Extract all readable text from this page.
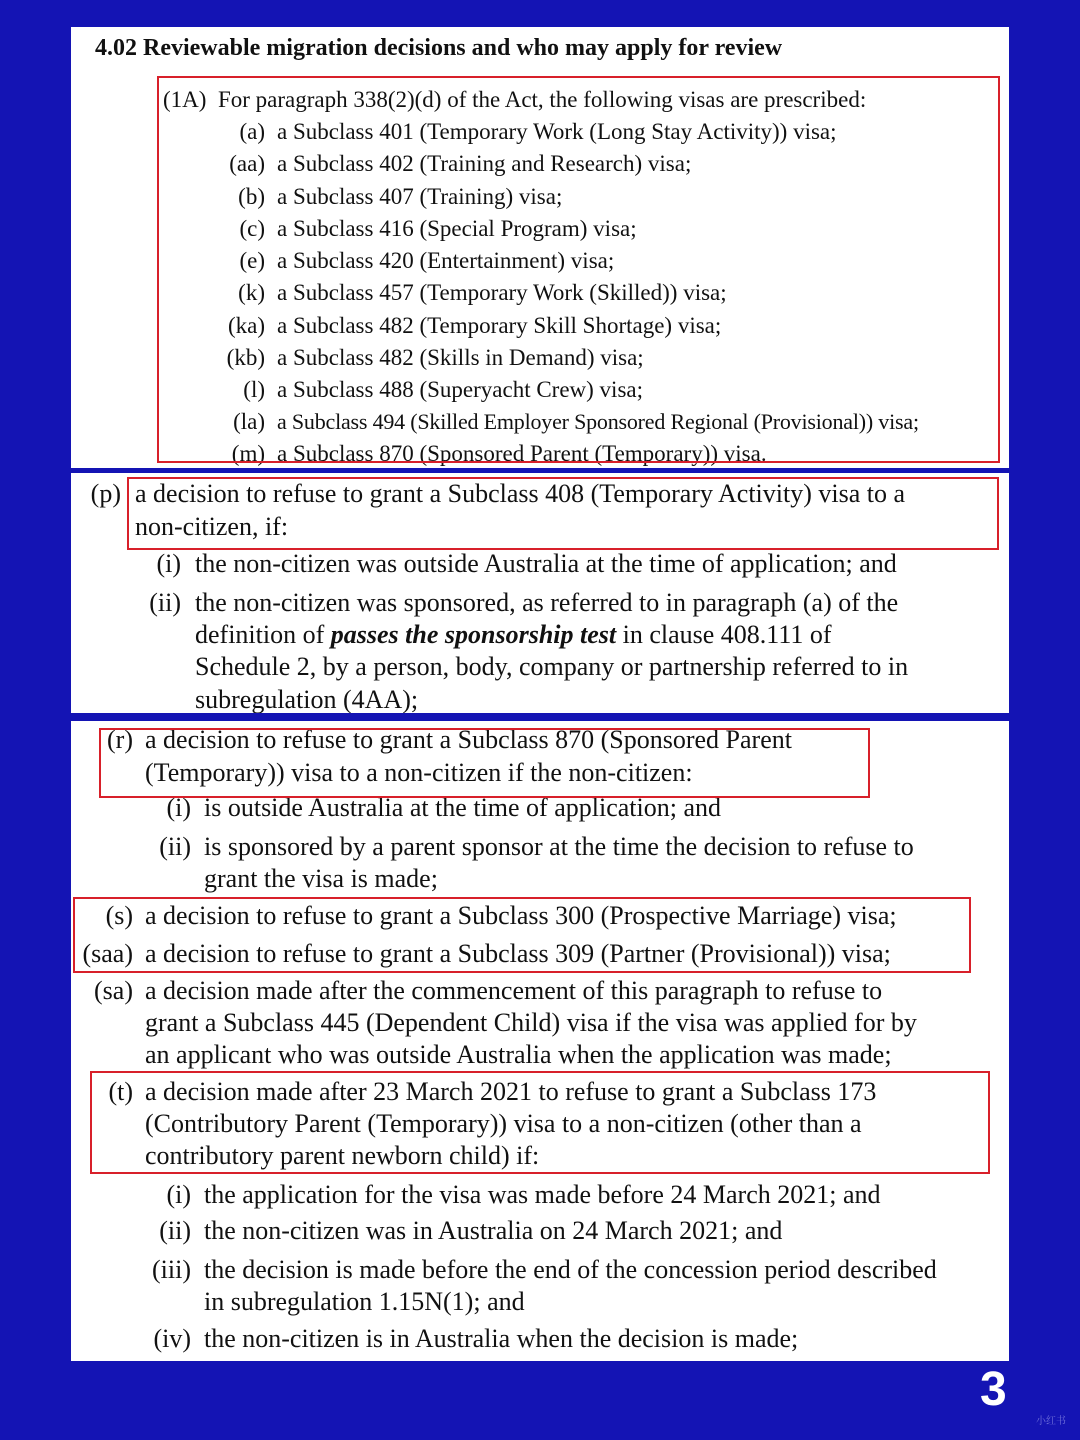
4.02 Reviewable migration decisions and who may apply for review
(1A) For paragraph 338(2)(d) of the Act, the following visas are prescribed:
(a) a Subclass 401 (Temporary Work (Long Stay Activity)) visa;
(aa) a Subclass 402 (Training and Research) visa;
(b) a Subclass 407 (Training) visa;
(c) a Subclass 416 (Special Program) visa;
(e) a Subclass 420 (Entertainment) visa;
(k) a Subclass 457 (Temporary Work (Skilled)) visa;
(ka) a Subclass 482 (Temporary Skill Shortage) visa;
(kb) a Subclass 482 (Skills in Demand) visa;
(l) a Subclass 488 (Superyacht Crew) visa;
(la) a Subclass 494 (Skilled Employer Sponsored Regional (Provisional)) visa;
(m) a Subclass 870 (Sponsored Parent (Temporary)) visa.
(p) a decision to refuse to grant a Subclass 408 (Temporary Activity) visa to a
non-citizen, if:
(i) the non-citizen was outside Australia at the time of application; and
(ii) the non-citizen was sponsored, as referred to in paragraph (a) of the
definition of passes the sponsorship test in clause 408.111 of
Schedule 2, by a person, body, company or partnership referred to in
subregulation (4AA);
(r) a decision to refuse to grant a Subclass 870 (Sponsored Parent
(Temporary)) visa to a non-citizen if the non-citizen:
(i) is outside Australia at the time of application; and
(ii) is sponsored by a parent sponsor at the time the decision to refuse to
grant the visa is made;
(s) a decision to refuse to grant a Subclass 300 (Prospective Marriage) visa;
(saa) a decision to refuse to grant a Subclass 309 (Partner (Provisional)) visa;
(sa) a decision made after the commencement of this paragraph to refuse to
grant a Subclass 445 (Dependent Child) visa if the visa was applied for by
an applicant who was outside Australia when the application was made;
(t) a decision made after 23 March 2021 to refuse to grant a Subclass 173
(Contributory Parent (Temporary)) visa to a non-citizen (other than a
contributory parent newborn child) if:
(i) the application for the visa was made before 24 March 2021; and
(ii) the non-citizen was in Australia on 24 March 2021; and
(iii) the decision is made before the end of the concession period described
in subregulation 1.15N(1); and
(iv) the non-citizen is in Australia when the decision is made;
3
小红书
